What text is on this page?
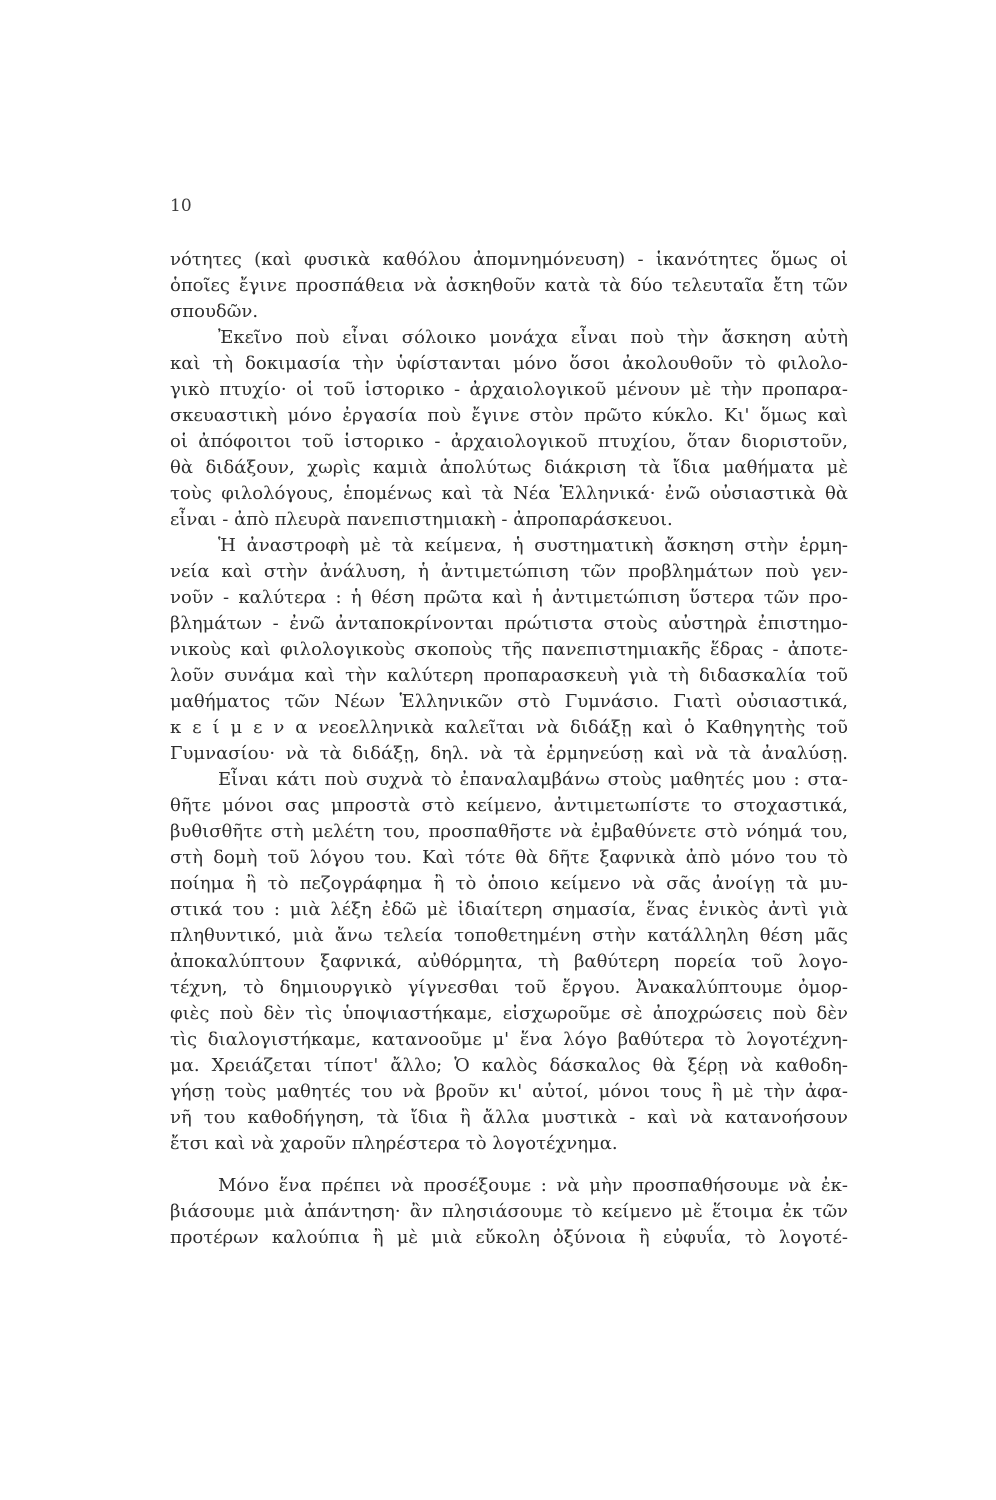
10
νότητες (καὶ φυσικὰ καθόλου ἀπομνημόνευση) - ἱκανότητες ὅμως οἱ
ὁποῖες ἔγινε προσπάθεια νὰ ἀσκηθοῦν κατὰ τὰ δύο τελευταῖα ἔτη τῶν
σπουδῶν.
Ἐκεῖνο ποὺ εἶναι σόλοικο μονάχα εἶναι ποὺ τὴν ἄσκηση αὐτὴ
καὶ τὴ δοκιμασία τὴν ὑφίστανται μόνο ὅσοι ἀκολουθοῦν τὸ φιλολο-
γικὸ πτυχίο· οἱ τοῦ ἱστορικο - ἀρχαιολογικοῦ μένουν μὲ τὴν προπαρα-
σκευαστικὴ μόνο ἐργασία ποὺ ἔγινε στὸν πρῶτο κύκλο. Κι' ὅμως καὶ
οἱ ἀπόφοιτοι τοῦ ἱστορικο - ἀρχαιολογικοῦ πτυχίου, ὅταν διοριστοῦν,
θὰ διδάξουν, χωρὶς καμιὰ ἀπολύτως διάκριση τὰ ἴδια μαθήματα μὲ
τοὺς φιλολόγους, ἑπομένως καὶ τὰ Νέα Ἑλληνικά· ἐνῶ οὐσιαστικὰ θὰ
εἶναι - ἀπὸ πλευρὰ πανεπιστημιακὴ - ἀπροπαράσκευοι.
Ἡ ἀναστροφὴ μὲ τὰ κείμενα, ἡ συστηματικὴ ἄσκηση στὴν ἑρμη-
νεία καὶ στὴν ἀνάλυση, ἡ ἀντιμετώπιση τῶν προβλημάτων ποὺ γεν-
νοῦν - καλύτερα : ἡ θέση πρῶτα καὶ ἡ ἀντιμετώπιση ὕστερα τῶν προ-
βλημάτων - ἐνῶ ἀνταποκρίνονται πρώτιστα στοὺς αὐστηρὰ ἐπιστημο-
νικοὺς καὶ φιλολογικοὺς σκοποὺς τῆς πανεπιστημιακῆς ἕδρας - ἀποτε-
λοῦν συνάμα καὶ τὴν καλύτερη προπαρασκευὴ γιὰ τὴ διδασκαλία τοῦ
μαθήματος τῶν Νέων Ἑλληνικῶν στὸ Γυμνάσιο. Γιατὶ οὐσιαστικά,
κ ε ί μ ε ν α νεοελληνικὰ καλεῖται νὰ διδάξῃ καὶ ὁ Καθηγητὴς τοῦ
Γυμνασίου· νὰ τὰ διδάξῃ, δηλ. νὰ τὰ ἑρμηνεύσῃ καὶ νὰ τὰ ἀναλύσῃ.
Εἶναι κάτι ποὺ συχνὰ τὸ ἐπαναλαμβάνω στοὺς μαθητές μου : στα-
θῆτε μόνοι σας μπροστὰ στὸ κείμενο, ἀντιμετωπίστε το στοχαστικά,
βυθισθῆτε στὴ μελέτη του, προσπαθῆστε νὰ ἐμβαθύνετε στὸ νόημά του,
στὴ δομὴ τοῦ λόγου του. Καὶ τότε θὰ δῆτε ξαφνικὰ ἀπὸ μόνο του τὸ
ποίημα ἢ τὸ πεζογράφημα ἢ τὸ ὁποιο κείμενο νὰ σᾶς ἀνοίγῃ τὰ μυ-
στικά του : μιὰ λέξη ἐδῶ μὲ ἰδιαίτερη σημασία, ἕνας ἑνικὸς ἀντὶ γιὰ
πληθυντικό, μιὰ ἄνω τελεία τοποθετημένη στὴν κατάλληλη θέση μᾶς
ἀποκαλύπτουν ξαφνικά, αὐθόρμητα, τὴ βαθύτερη πορεία τοῦ λογο-
τέχνη, τὸ δημιουργικὸ γίγνεσθαι τοῦ ἔργου. Ἀνακαλύπτουμε ὀμορ-
φιὲς ποὺ δὲν τὶς ὑποψιαστήκαμε, εἰσχωροῦμε σὲ ἀποχρώσεις ποὺ δὲν
τὶς διαλογιστήκαμε, κατανοοῦμε μ' ἕνα λόγο βαθύτερα τὸ λογοτέχνη-
μα. Χρειάζεται τίποτ' ἄλλο; Ὁ καλὸς δάσκαλος θὰ ξέρῃ νὰ καθοδη-
γήσῃ τοὺς μαθητές του νὰ βροῦν κι' αὐτοί, μόνοι τους ἢ μὲ τὴν ἀφα-
νῆ του καθοδήγηση, τὰ ἴδια ἢ ἄλλα μυστικὰ - καὶ νὰ κατανοήσουν
ἔτσι καὶ νὰ χαροῦν πληρέστερα τὸ λογοτέχνημα.
Μόνο ἕνα πρέπει νὰ προσέξουμε : νὰ μὴν προσπαθήσουμε νὰ ἐκ-
βιάσουμε μιὰ ἀπάντηση· ἂν πλησιάσουμε τὸ κείμενο μὲ ἕτοιμα ἐκ τῶν
προτέρων καλούπια ἢ μὲ μιὰ εὔκολη ὀξύνοια ἢ εὐφυΐα, τὸ λογοτέ-
